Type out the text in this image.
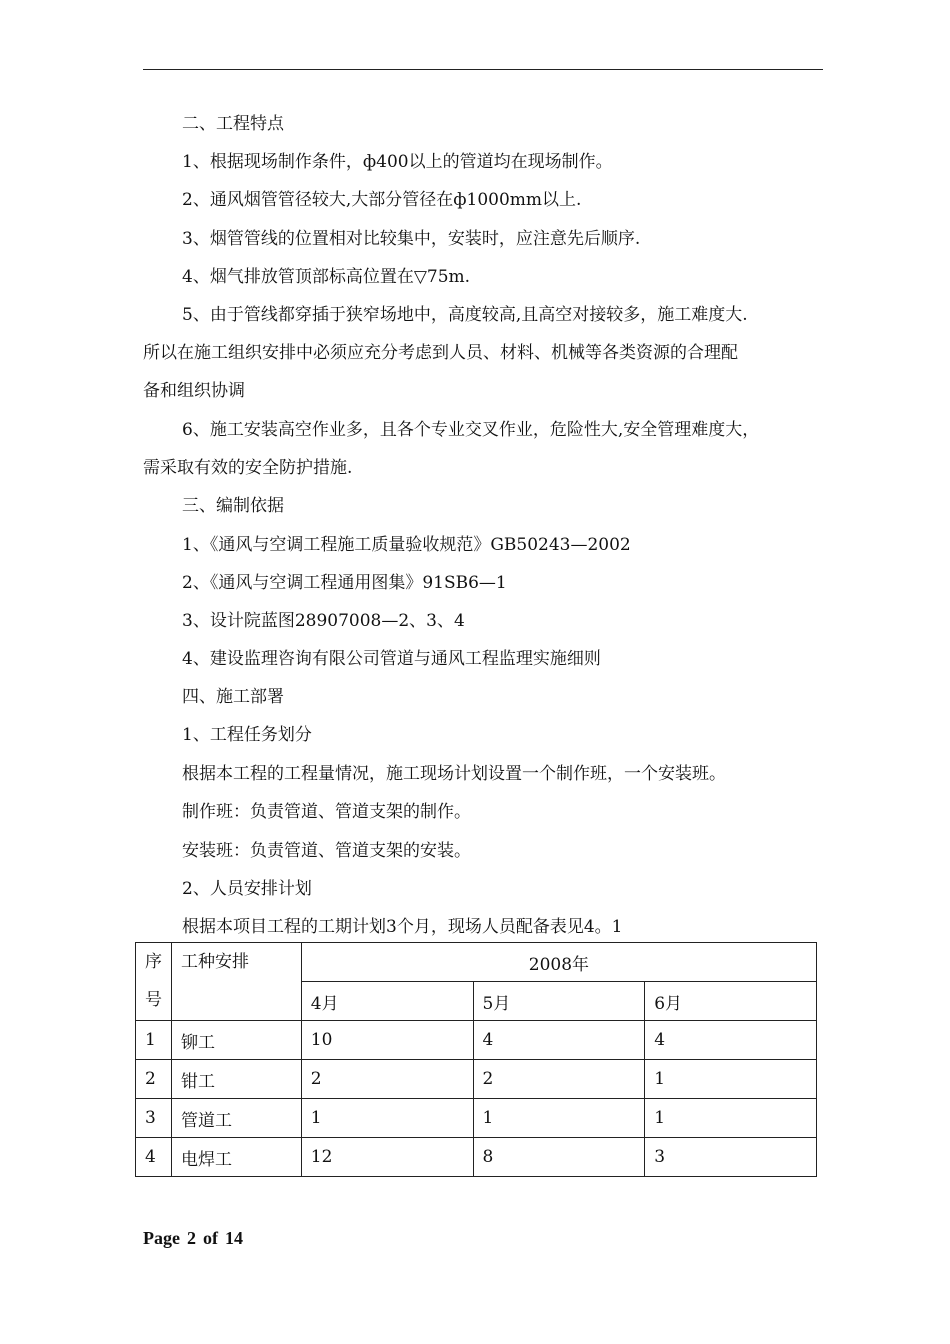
二、工程特点
1、根据现场制作条件，ф400以上的管道均在现场制作。
2、通风烟管管径较大,大部分管径在ф1000mm以上.
3、烟管管线的位置相对比较集中，安装时，应注意先后顺序.
4、烟气排放管顶部标高位置在▽75m.
5、由于管线都穿插于狭窄场地中，高度较高,且高空对接较多，施工难度大.
所以在施工组织安排中必须应充分考虑到人员、材料、机械等各类资源的合理配
备和组织协调
6、施工安装高空作业多，且各个专业交叉作业，危险性大,安全管理难度大，
需采取有效的安全防护措施.
三、编制依据
1、《通风与空调工程施工质量验收规范》GB50243—2002
2、《通风与空调工程通用图集》91SB6—1
3、设计院蓝图28907008—2、3、4
4、建设监理咨询有限公司管道与通风工程监理实施细则
四、施工部署
1、工程任务划分
根据本工程的工程量情况，施工现场计划设置一个制作班，一个安装班。
制作班：负责管道、管道支架的制作。
安装班：负责管道、管道支架的安装。
2、人员安排计划
根据本项目工程的工期计划3个月，现场人员配备表见4。1
序
号	工种安排	2008年		
		4月	5月	6月
1	铆工	10	4	4
2	钳工	2	2	1
3	管道工	1	1	1
4	电焊工	12	8	3
Page 2 of 14
